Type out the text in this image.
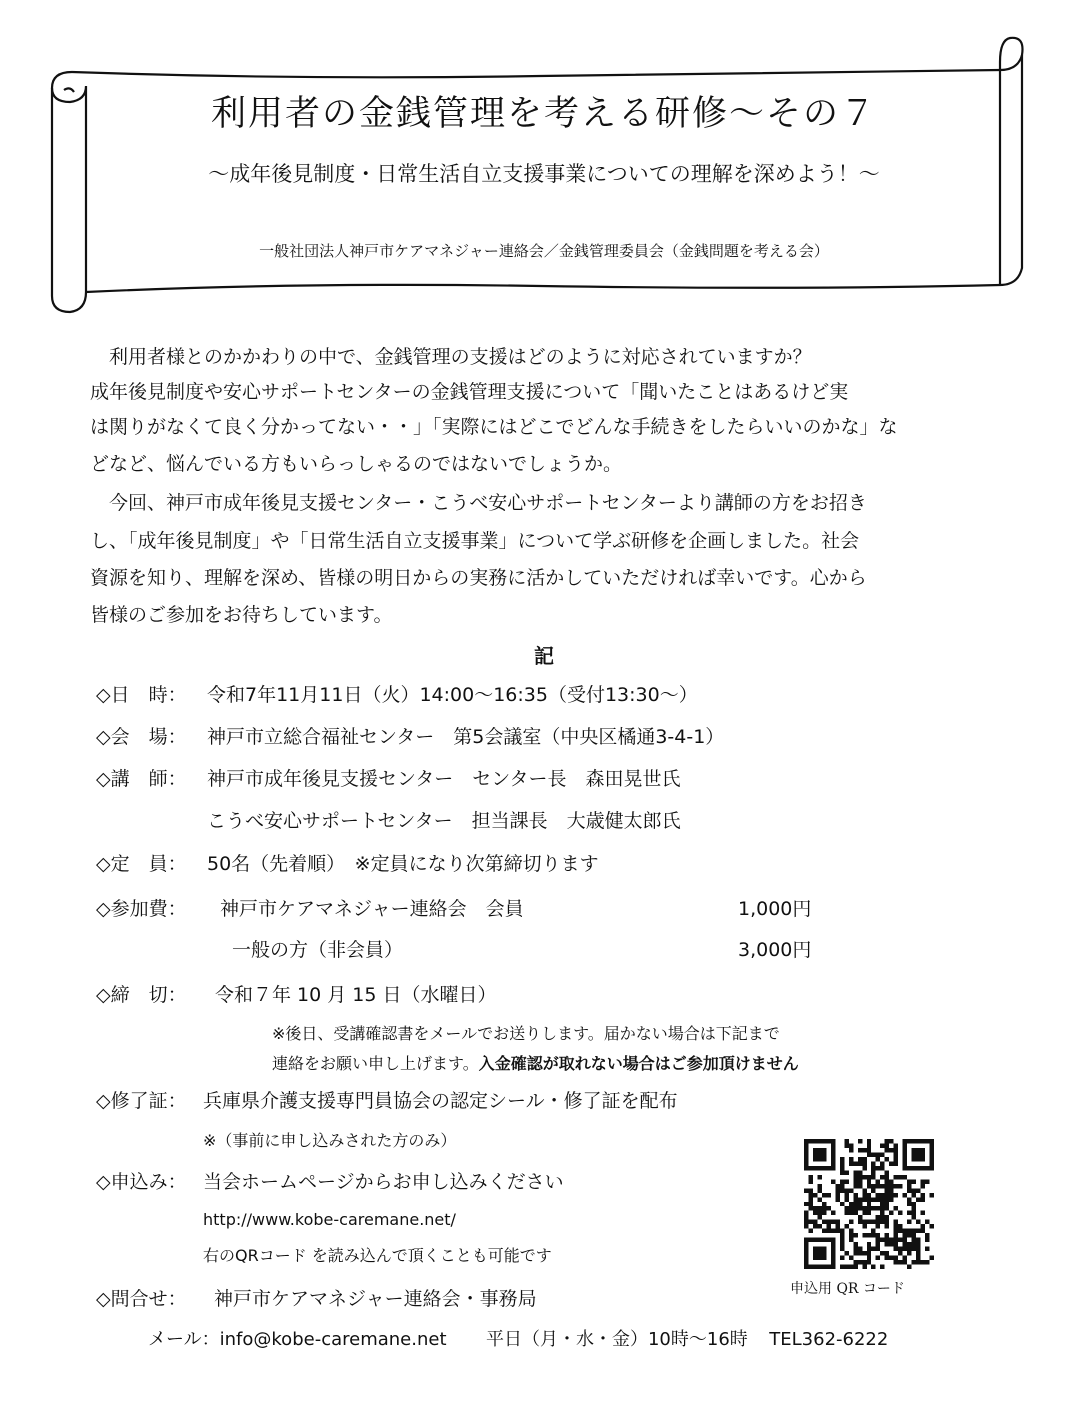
利用者の金銭管理を考える研修～その７
～成年後見制度・日常生活自立支援事業についての理解を深めよう！～
一般社団法人神戸市ケアマネジャー連絡会／金銭管理委員会（金銭問題を考える会）
　利用者様とのかかわりの中で、金銭管理の支援はどのように対応されていますか？
成年後見制度や安心サポートセンターの金銭管理支援について「聞いたことはあるけど実
は関りがなくて良く分かってない・・」「実際にはどこでどんな手続きをしたらいいのかな」な
どなど、悩んでいる方もいらっしゃるのではないでしょうか。
　今回、神戸市成年後見支援センター・こうべ安心サポートセンターより講師の方をお招き
し、「成年後見制度」や「日常生活自立支援事業」について学ぶ研修を企画しました。社会
資源を知り、理解を深め、皆様の明日からの実務に活かしていただければ幸いです。心から
皆様のご参加をお待ちしています。
記
◇日　時： 令和7年11月11日（火）14:00～16:35（受付13:30～）
◇会　場： 神戸市立総合福祉センター　第5会議室（中央区橘通3-4-1）
◇講　師： 神戸市成年後見支援センター　センター長　森田晃世氏
こうべ安心サポートセンター　担当課長　大歳健太郎氏
◇定　員： 50名（先着順）　※定員になり次第締切ります
◇参加費： 神戸市ケアマネジャー連絡会　会員	1,000円
一般の方（非会員）	3,000円
◇締　切： 令和７年 10 月 15 日（水曜日）
※後日、受講確認書をメールでお送りします。届かない場合は下記まで
連絡をお願い申し上げます。入金確認が取れない場合はご参加頂けません
◇修了証： 兵庫県介護支援専門員協会の認定シール・修了証を配布
※（事前に申し込みされた方のみ）
◇申込み： 当会ホームページからお申し込みください
http://www.kobe-caremane.net/
右のQRコード を読み込んで頂くことも可能です
◇問合せ： 神戸市ケアマネジャー連絡会・事務局	申込用 QR コード
メール：info@kobe-caremane.net 平日（月・水・金）10時～16時 TEL362-6222
